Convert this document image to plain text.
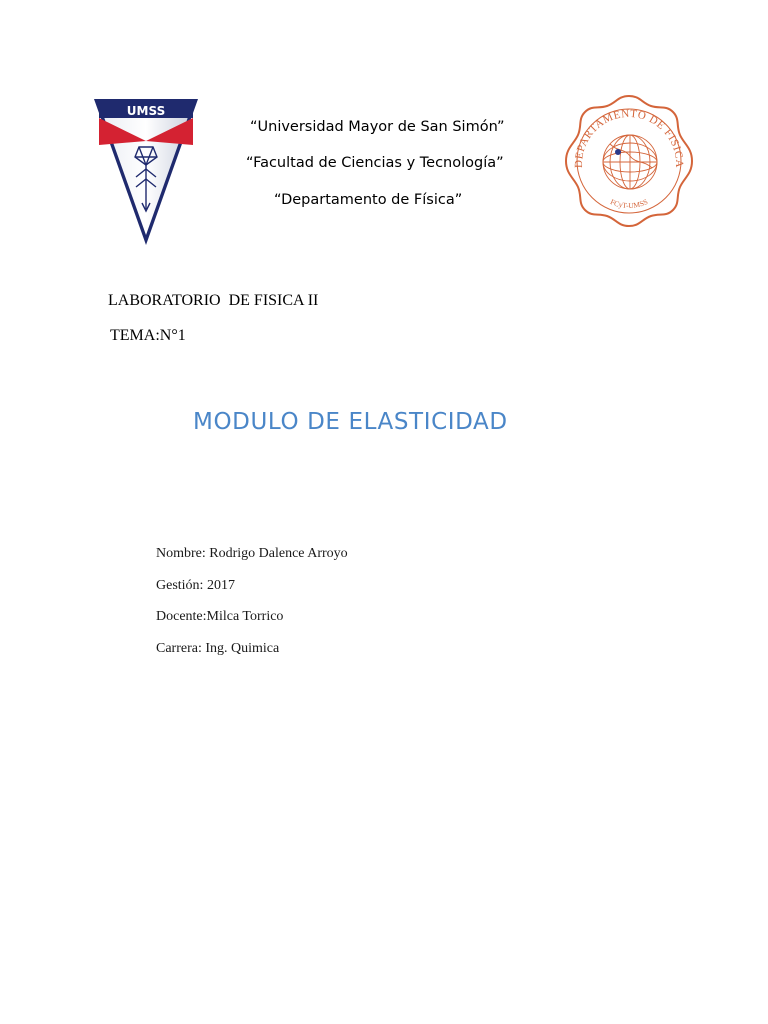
UMSS
“Universidad Mayor de San Simón”
“Facultad de Ciencias y Tecnología”
“Departamento de Física”
DEPARTAMENTO DE FISICA
FCyT-UMSS
LABORATORIO  DE FISICA II
TEMA:N°1
MODULO DE ELASTICIDAD
Nombre: Rodrigo Dalence Arroyo
Gestión: 2017
Docente:Milca Torrico
Carrera: Ing. Quimica
